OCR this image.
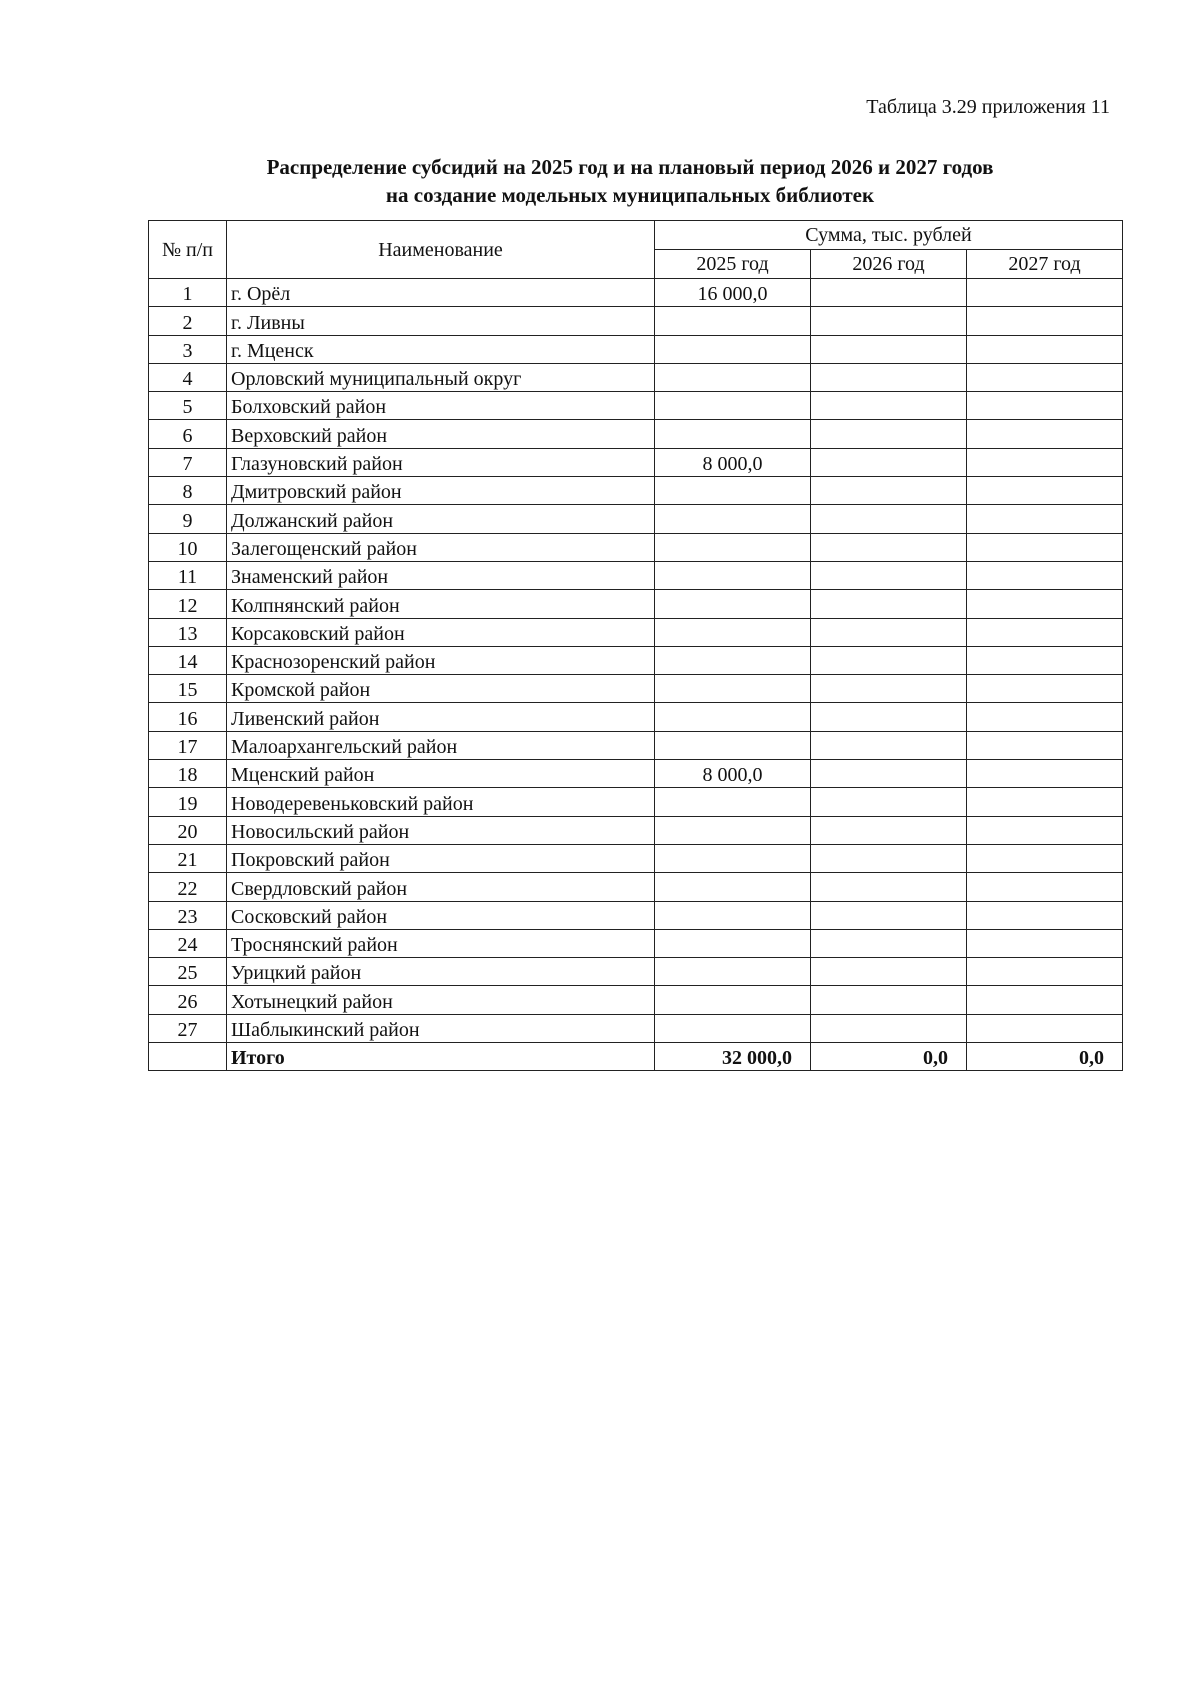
Таблица 3.29 приложения 11
Распределение субсидий на 2025 год и на плановый период 2026 и 2027 годов
на создание модельных муниципальных библиотек
№ п/п	Наименование	Сумма, тыс. рублей		
		2025 год	2026 год	2027 год
1	г. Орёл	16 000,0		
2	г. Ливны			
3	г. Мценск			
4	Орловский муниципальный округ			
5	Болховский район			
6	Верховский район			
7	Глазуновский район	8 000,0		
8	Дмитровский район			
9	Должанский район			
10	Залегощенский район			
11	Знаменский район			
12	Колпнянский район			
13	Корсаковский район			
14	Краснозоренский район			
15	Кромской район			
16	Ливенский район			
17	Малоархангельский район			
18	Мценский район	8 000,0		
19	Новодеревеньковский район			
20	Новосильский район			
21	Покровский район			
22	Свердловский район			
23	Сосковский район			
24	Троснянский район			
25	Урицкий район			
26	Хотынецкий район			
27	Шаблыкинский район			
	Итого	32 000,0	0,0	0,0
